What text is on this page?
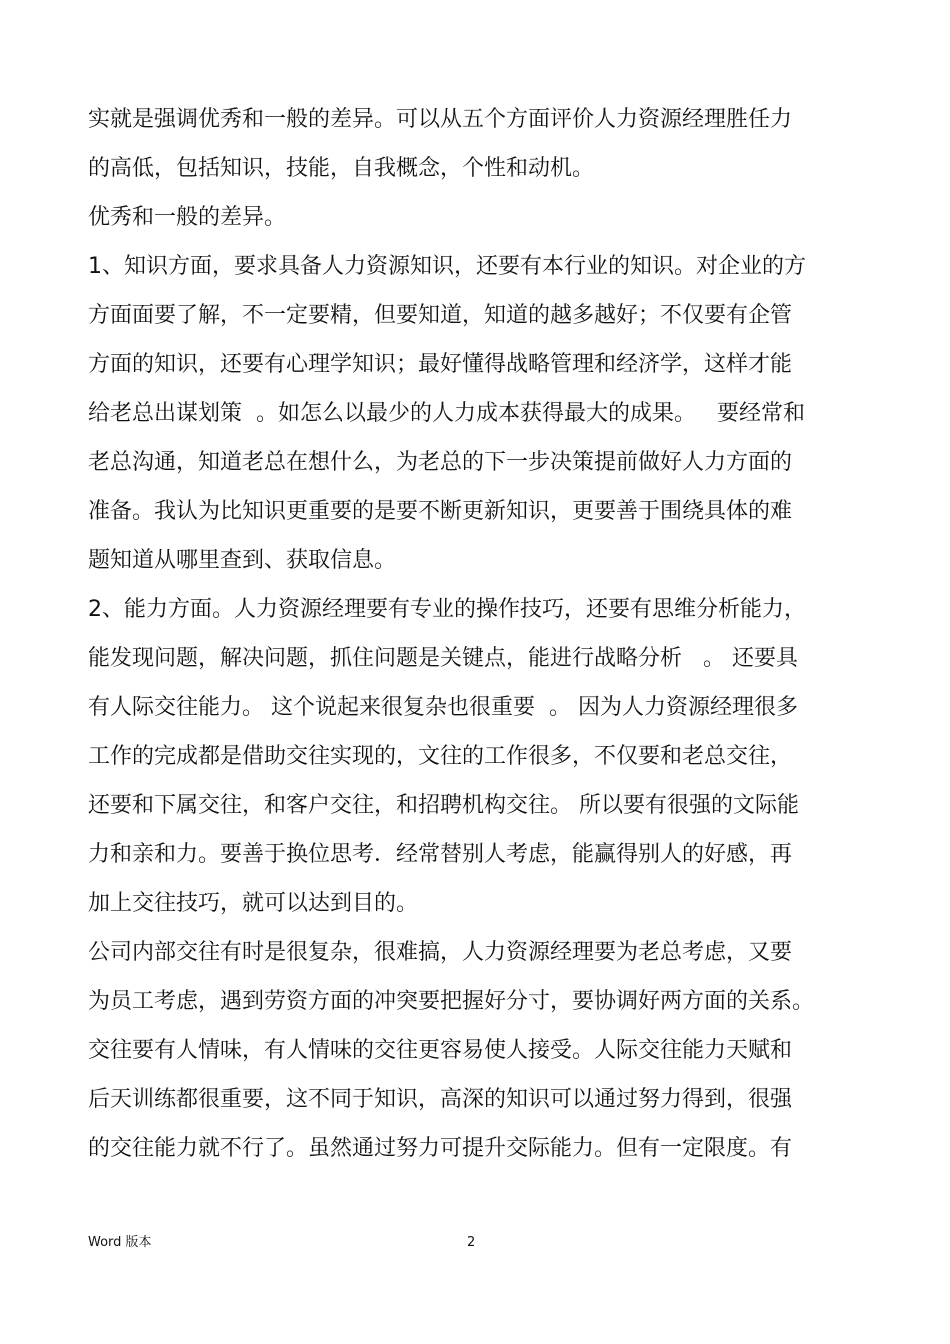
实就是强调优秀和一般的差异。可以从五个方面评价人力资源经理胜任力
的高低，包括知识，技能，自我概念，个性和动机。
优秀和一般的差异。
1、知识方面，要求具备人力资源知识，还要有本行业的知识。对企业的方
方面面要了解，不一定要精，但要知道，知道的越多越好；不仅要有企管
方面的知识，还要有心理学知识；最好懂得战略管理和经济学，这样才能
给老总出谋划策  。如怎么以最少的人力成本获得最大的成果。   要经常和
老总沟通，知道老总在想什么，为老总的下一步决策提前做好人力方面的
准备。我认为比知识更重要的是要不断更新知识，更要善于围绕具体的难
题知道从哪里查到、获取信息。
2、能力方面。人力资源经理要有专业的操作技巧，还要有思维分析能力，
能发现问题，解决问题，抓住问题是关键点，能进行战略分析   。 还要具
有人际交往能力。 这个说起来很复杂也很重要  。 因为人力资源经理很多
工作的完成都是借助交往实现的，文往的工作很多，不仅要和老总交往，
还要和下属交往，和客户交往，和招聘机构交往。 所以要有很强的文际能
力和亲和力。要善于换位思考．经常替别人考虑，能赢得别人的好感，再
加上交往技巧，就可以达到目的。
公司内部交往有时是很复杂，很难搞，人力资源经理要为老总考虑，又要
为员工考虑，遇到劳资方面的冲突要把握好分寸，要协调好两方面的关系。
交往要有人情味，有人情味的交往更容易使人接受。人际交往能力天赋和
后天训练都很重要，这不同于知识，高深的知识可以通过努力得到，很强
的交往能力就不行了。虽然通过努力可提升交际能力。但有一定限度。有
Word 版本	2
